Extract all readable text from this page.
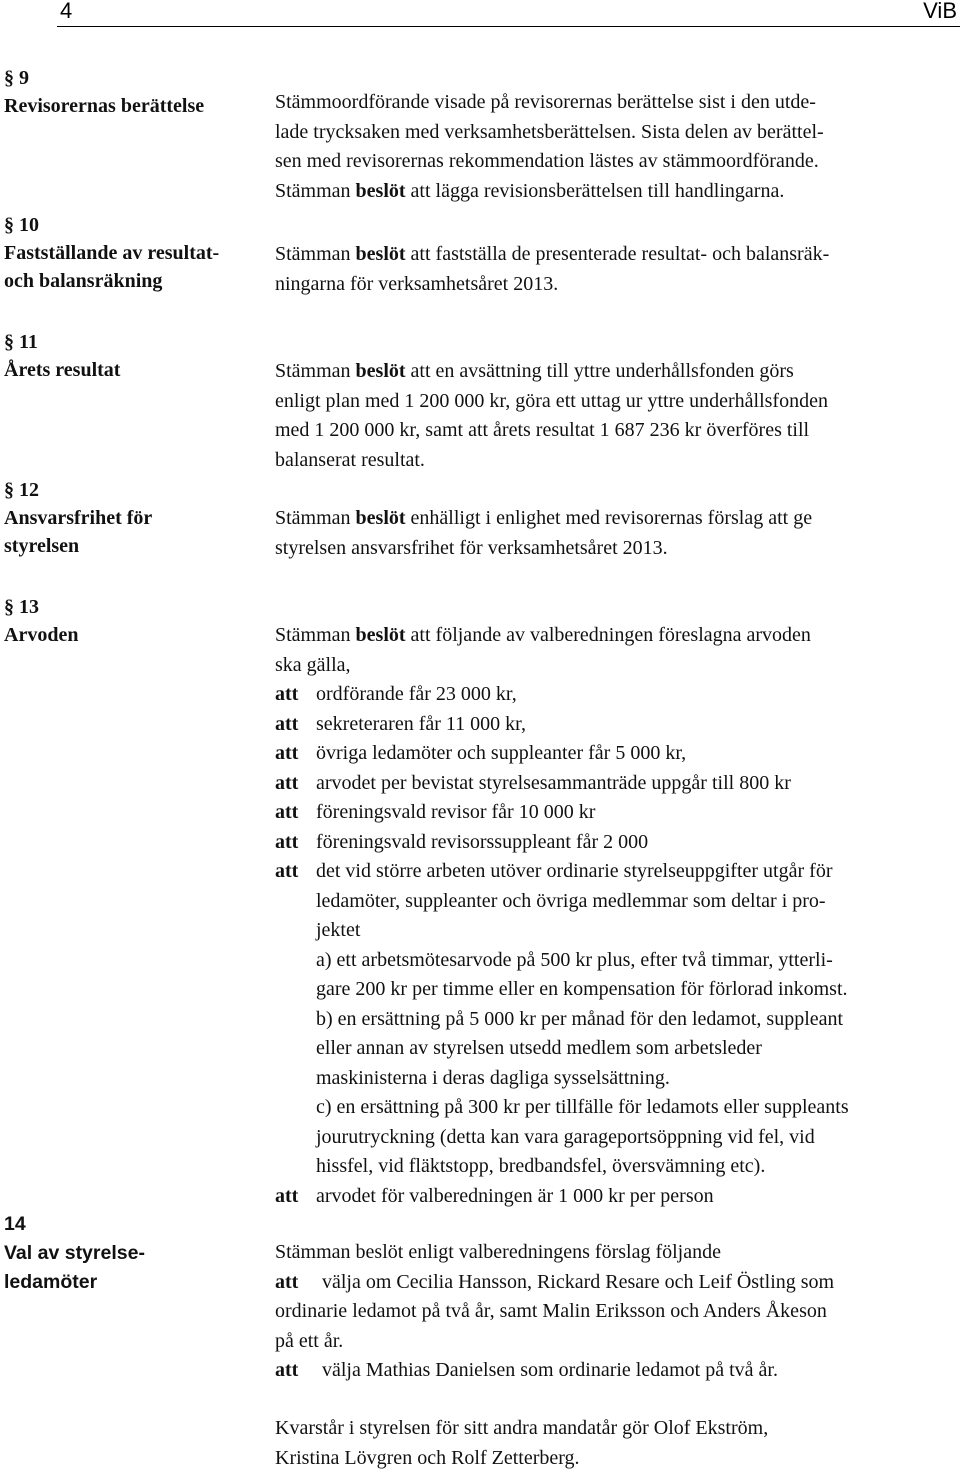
4	ViB
§ 9
Revisorernas berättelse
§ 10
Fastställande av resultat-
och balansräkning
§ 11
Årets resultat
§ 12
Ansvarsfrihet för
styrelsen
§ 13
Arvoden
14
Val av styrelse-
ledamöter
Stämmoordförande visade på revisorernas berättelse sist i den utde-
lade trycksaken med verksamhetsberättelsen. Sista delen av berättel-
sen med revisorernas rekommendation lästes av stämmoordförande.
Stämman beslöt att lägga revisionsberättelsen till handlingarna.
Stämman beslöt att fastställa de presenterade resultat- och balansräk-
ningarna för verksamhetsåret 2013.
Stämman beslöt att en avsättning till yttre underhållsfonden görs
enligt plan med 1 200 000 kr, göra ett uttag ur yttre underhållsfonden
med 1 200 000 kr, samt att årets resultat 1 687 236 kr överföres till
balanserat resultat.
Stämman beslöt enhälligt i enlighet med revisorernas förslag att ge
styrelsen ansvarsfrihet för verksamhetsåret 2013.
Stämman beslöt att följande av valberedningen föreslagna arvoden
ska gälla,
att ordförande får 23 000 kr,
att sekreteraren får 11 000 kr,
att övriga ledamöter och suppleanter får 5 000 kr,
att arvodet per bevistat styrelsesammanträde uppgår till 800 kr
att föreningsvald revisor får 10 000 kr
att föreningsvald revisorssuppleant får 2 000
att det vid större arbeten utöver ordinarie styrelseuppgifter utgår för
ledamöter, suppleanter och övriga medlemmar som deltar i pro-
jektet
a) ett arbetsmötesarvode på 500 kr plus, efter två timmar, ytterli-
gare 200 kr per timme eller en kompensation för förlorad inkomst.
b) en ersättning på 5 000 kr per månad för den ledamot, suppleant
eller annan av styrelsen utsedd medlem som arbetsleder
maskinisterna i deras dagliga sysselsättning.
c) en ersättning på 300 kr per tillfälle för ledamots eller suppleants
jourutryckning (detta kan vara garageportsöppning vid fel, vid
hissfel, vid fläktstopp, bredbandsfel, översvämning etc).
att arvodet för valberedningen är 1 000 kr per person
Stämman beslöt enligt valberedningens förslag följande
att välja om Cecilia Hansson, Rickard Resare och Leif Östling som
ordinarie ledamot på två år, samt Malin Eriksson och Anders Åkeson
på ett år.
att välja Mathias Danielsen som ordinarie ledamot på två år.
Kvarstår i styrelsen för sitt andra mandatår gör Olof Ekström,
Kristina Lövgren och Rolf Zetterberg.
